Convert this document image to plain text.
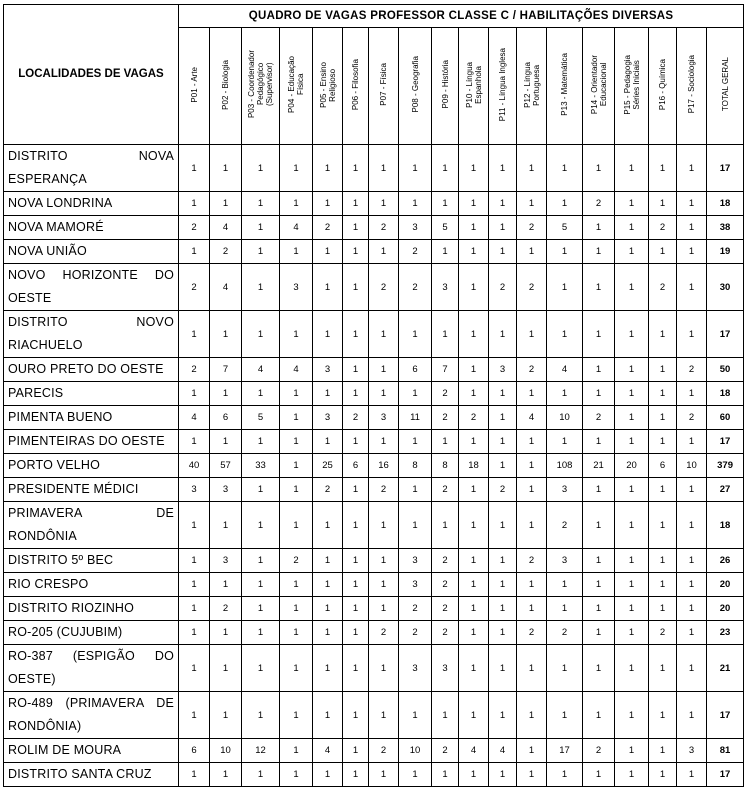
LOCALIDADES DE VAGAS	QUADRO DE VAGAS PROFESSOR CLASSE C / HABILITAÇÕES DIVERSAS																	
	P01 - Arte	P02 - Biologia	P03 - Coordenador
Pedagógico
(Supervisor)	P04 - Educação
Física	P05 - Ensino
Religioso	P06 - Filosofia	P07 - Física	P08 - Geografia	P09 - História	P10 - Língua
Espanhola	P11 - Língua Inglesa	P12 - Língua
Portuguesa	P13 - Matemática	P14 - Orientador
Educacional	P15 - Pedagogia
Séries Iniciais	P16 - Química	P17 - Sociologia	TOTAL GERAL
DISTRITO NOVA ESPERANÇA	1	1	1	1	1	1	1	1	1	1	1	1	1	1	1	1	1	17
NOVA LONDRINA	1	1	1	1	1	1	1	1	1	1	1	1	1	2	1	1	1	18
NOVA MAMORÉ	2	4	1	4	2	1	2	3	5	1	1	2	5	1	1	2	1	38
NOVA UNIÃO	1	2	1	1	1	1	1	2	1	1	1	1	1	1	1	1	1	19
NOVO HORIZONTE DO OESTE	2	4	1	3	1	1	2	2	3	1	2	2	1	1	1	2	1	30
DISTRITO NOVO RIACHUELO	1	1	1	1	1	1	1	1	1	1	1	1	1	1	1	1	1	17
OURO PRETO DO OESTE	2	7	4	4	3	1	1	6	7	1	3	2	4	1	1	1	2	50
PARECIS	1	1	1	1	1	1	1	1	2	1	1	1	1	1	1	1	1	18
PIMENTA BUENO	4	6	5	1	3	2	3	11	2	2	1	4	10	2	1	1	2	60
PIMENTEIRAS DO OESTE	1	1	1	1	1	1	1	1	1	1	1	1	1	1	1	1	1	17
PORTO VELHO	40	57	33	1	25	6	16	8	8	18	1	1	108	21	20	6	10	379
PRESIDENTE MÉDICI	3	3	1	1	2	1	2	1	2	1	2	1	3	1	1	1	1	27
PRIMAVERA DE RONDÔNIA	1	1	1	1	1	1	1	1	1	1	1	1	2	1	1	1	1	18
DISTRITO 5º BEC	1	3	1	2	1	1	1	3	2	1	1	2	3	1	1	1	1	26
RIO CRESPO	1	1	1	1	1	1	1	3	2	1	1	1	1	1	1	1	1	20
DISTRITO RIOZINHO	1	2	1	1	1	1	1	2	2	1	1	1	1	1	1	1	1	20
RO-205 (CUJUBIM)	1	1	1	1	1	1	2	2	2	1	1	2	2	1	1	2	1	23
RO-387 (ESPIGÃO DO OESTE)	1	1	1	1	1	1	1	3	3	1	1	1	1	1	1	1	1	21
RO-489 (PRIMAVERA DE RONDÔNIA)	1	1	1	1	1	1	1	1	1	1	1	1	1	1	1	1	1	17
ROLIM DE MOURA	6	10	12	1	4	1	2	10	2	4	4	1	17	2	1	1	3	81
DISTRITO SANTA CRUZ	1	1	1	1	1	1	1	1	1	1	1	1	1	1	1	1	1	17
